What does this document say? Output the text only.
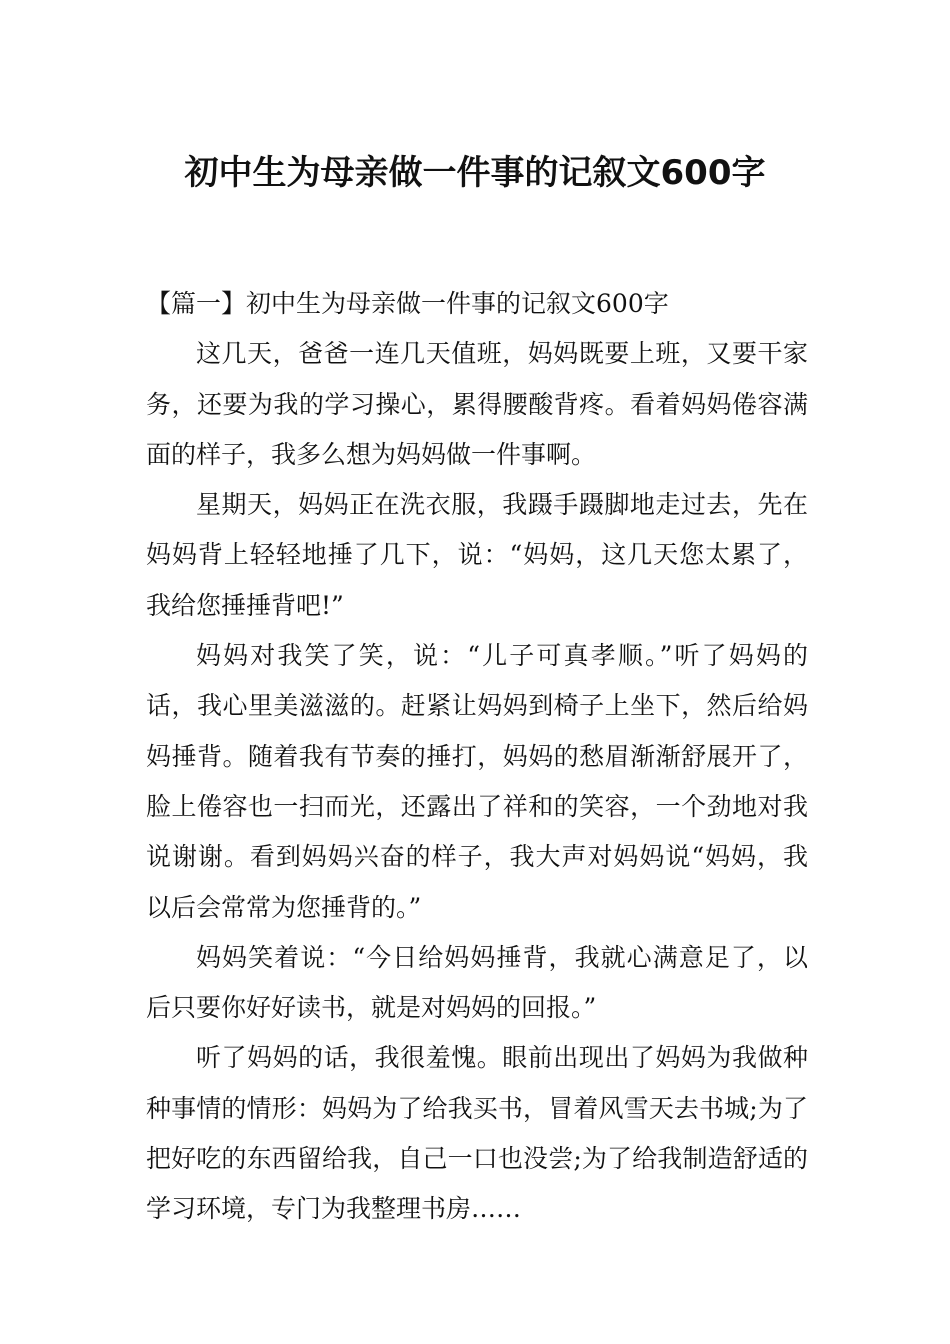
初中生为母亲做一件事的记叙文600字
【篇一】初中生为母亲做一件事的记叙文600字

这几天，爸爸一连几天值班，妈妈既要上班，又要干家务，还要为我的学习操心，累得腰酸背疼。看着妈妈倦容满面的样子，我多么想为妈妈做一件事啊。

星期天，妈妈正在洗衣服，我蹑手蹑脚地走过去，先在妈妈背上轻轻地捶了几下，说：“妈妈，这几天您太累了，我给您捶捶背吧!”

妈妈对我笑了笑，说：“儿子可真孝顺。”听了妈妈的话，我心里美滋滋的。赶紧让妈妈到椅子上坐下，然后给妈妈捶背。随着我有节奏的捶打，妈妈的愁眉渐渐舒展开了，脸上倦容也一扫而光，还露出了祥和的笑容，一个劲地对我说谢谢。看到妈妈兴奋的样子，我大声对妈妈说“妈妈，我以后会常常为您捶背的。”

妈妈笑着说：“今日给妈妈捶背，我就心满意足了，以后只要你好好读书，就是对妈妈的回报。”

听了妈妈的话，我很羞愧。眼前出现出了妈妈为我做种种事情的情形：妈妈为了给我买书，冒着风雪天去书城;为了把好吃的东西留给我，自己一口也没尝;为了给我制造舒适的学习环境，专门为我整理书房……
